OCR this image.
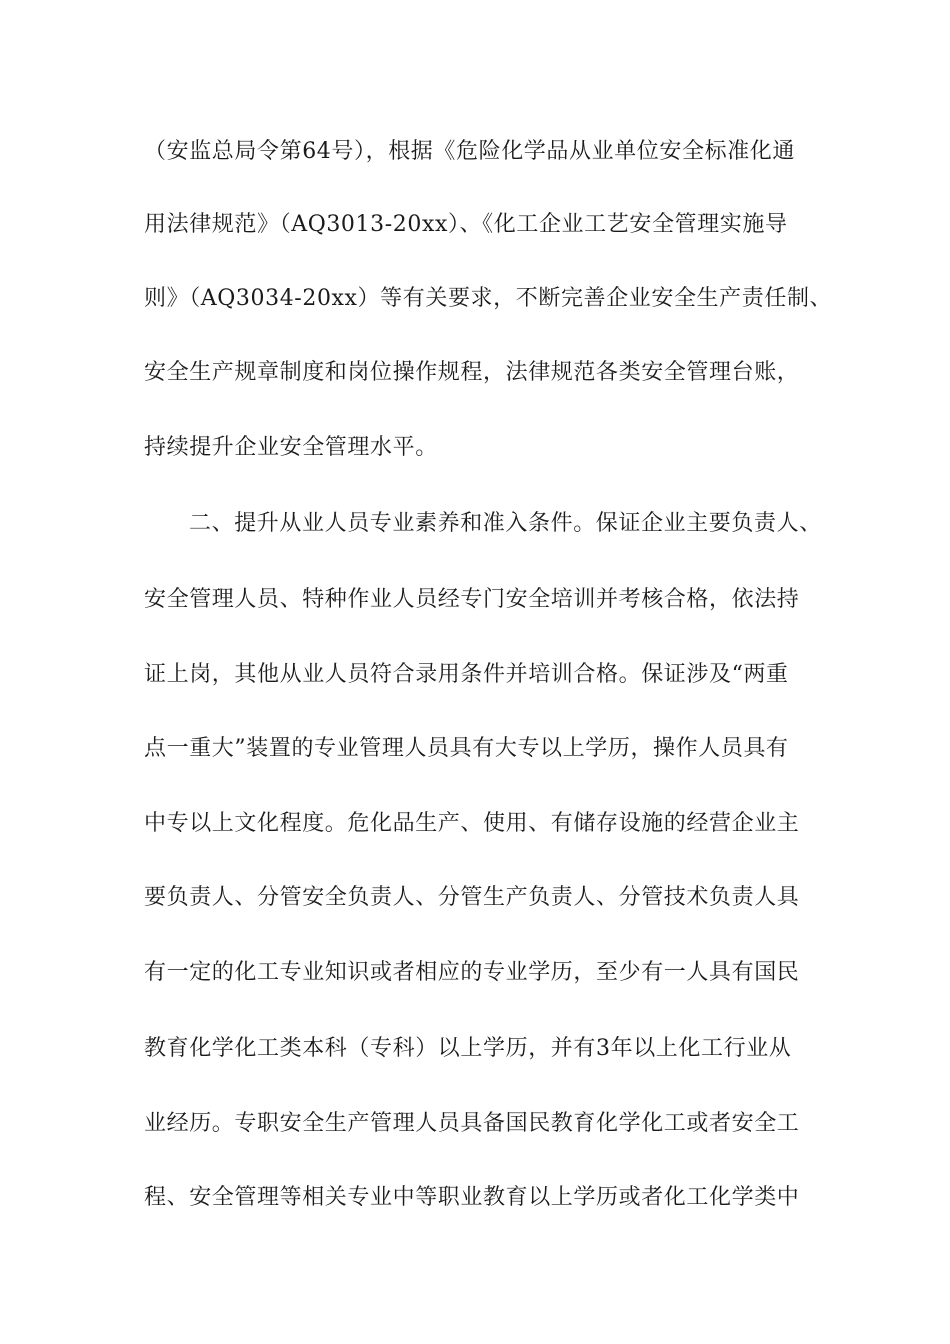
（安监总局令第64号），根据《危险化学品从业单位安全标准化通
用法律规范》（AQ3013-20xx）、《化工企业工艺安全管理实施导
则》（AQ3034-20xx）等有关要求，不断完善企业安全生产责任制、
安全生产规章制度和岗位操作规程，法律规范各类安全管理台账，
持续提升企业安全管理水平。
二、提升从业人员专业素养和准入条件。保证企业主要负责人、
安全管理人员、特种作业人员经专门安全培训并考核合格，依法持
证上岗，其他从业人员符合录用条件并培训合格。保证涉及“两重
点一重大”装置的专业管理人员具有大专以上学历，操作人员具有
中专以上文化程度。危化品生产、使用、有储存设施的经营企业主
要负责人、分管安全负责人、分管生产负责人、分管技术负责人具
有一定的化工专业知识或者相应的专业学历，至少有一人具有国民
教育化学化工类本科（专科）以上学历，并有3年以上化工行业从
业经历。专职安全生产管理人员具备国民教育化学化工或者安全工
程、安全管理等相关专业中等职业教育以上学历或者化工化学类中
